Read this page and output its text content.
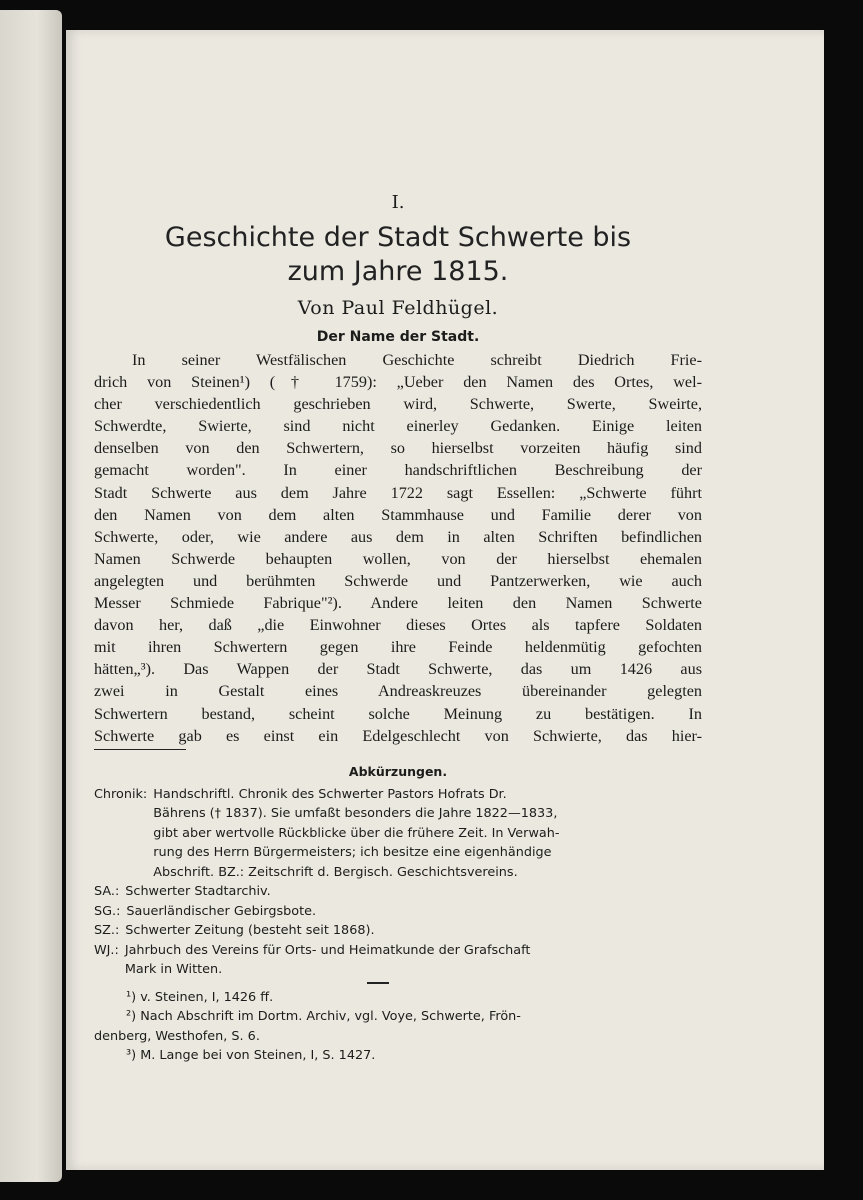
I.
Geschichte der Stadt Schwerte bis
zum Jahre 1815.
Von Paul Feldhügel.
Der Name der Stadt.
In seiner Westfälischen Geschichte schreibt Diedrich Frie-
drich von Steinen¹) († 1759): „Ueber den Namen des Ortes, wel-
cher verschiedentlich geschrieben wird, Schwerte, Swerte, Sweirte,
Schwerdte, Swierte, sind nicht einerley Gedanken. Einige leiten
denselben von den Schwertern, so hierselbst vorzeiten häufig sind
gemacht worden". In einer handschriftlichen Beschreibung der
Stadt Schwerte aus dem Jahre 1722 sagt Essellen: „Schwerte führt
den Namen von dem alten Stammhause und Familie derer von
Schwerte, oder, wie andere aus dem in alten Schriften befindlichen
Namen Schwerde behaupten wollen, von der hierselbst ehemalen
angelegten und berühmten Schwerde und Pantzerwerken, wie auch
Messer Schmiede Fabrique"²). Andere leiten den Namen Schwerte
davon her, daß „die Einwohner dieses Ortes als tapfere Soldaten
mit ihren Schwertern gegen ihre Feinde heldenmütig gefochten
hätten„³). Das Wappen der Stadt Schwerte, das um 1426 aus
zwei in Gestalt eines Andreaskreuzes übereinander gelegten
Schwertern bestand, scheint solche Meinung zu bestätigen. In
Schwerte gab es einst ein Edelgeschlecht von Schwierte, das hier-
Abkürzungen.
Chronik: Handschriftl. Chronik des Schwerter Pastors Hofrats Dr.
Bährens († 1837). Sie umfaßt besonders die Jahre 1822—1833,
gibt aber wertvolle Rückblicke über die frühere Zeit. In Verwah-
rung des Herrn Bürgermeisters; ich besitze eine eigenhändige
Abschrift. BZ.: Zeitschrift d. Bergisch. Geschichtsvereins.
SA.: Schwerter Stadtarchiv.
SG.: Sauerländischer Gebirgsbote.
SZ.: Schwerter Zeitung (besteht seit 1868).
WJ.: Jahrbuch des Vereins für Orts- und Heimatkunde der Grafschaft
Mark in Witten.
¹) v. Steinen, I, 1426 ff.
²) Nach Abschrift im Dortm. Archiv, vgl. Voye, Schwerte, Frön-
denberg, Westhofen, S. 6.
³) M. Lange bei von Steinen, I, S. 1427.
